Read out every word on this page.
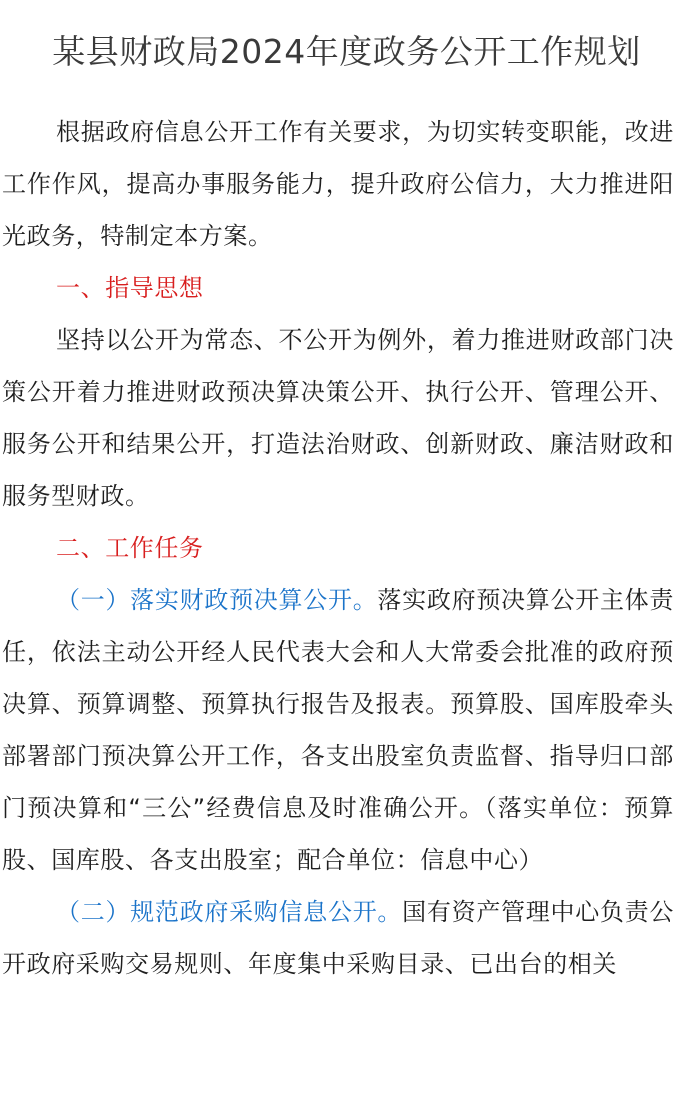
某县财政局2024年度政务公开工作规划

根据政府信息公开工作有关要求，为切实转变职能，改进工作作风，提高办事服务能力，提升政府公信力，大力推进阳光政务，特制定本方案。

一、指导思想

坚持以公开为常态、不公开为例外，着力推进财政部门决策公开着力推进财政预决算决策公开、执行公开、管理公开、服务公开和结果公开，打造法治财政、创新财政、廉洁财政和服务型财政。

二、工作任务

（一）落实财政预决算公开。落实政府预决算公开主体责任，依法主动公开经人民代表大会和人大常委会批准的政府预决算、预算调整、预算执行报告及报表。预算股、国库股牵头部署部门预决算公开工作，各支出股室负责监督、指导归口部门预决算和“三公”经费信息及时准确公开。（落实单位：预算股、国库股、各支出股室；配合单位：信息中心）

（二）规范政府采购信息公开。国有资产管理中心负责公开政府采购交易规则、年度集中采购目录、已出台的相关
